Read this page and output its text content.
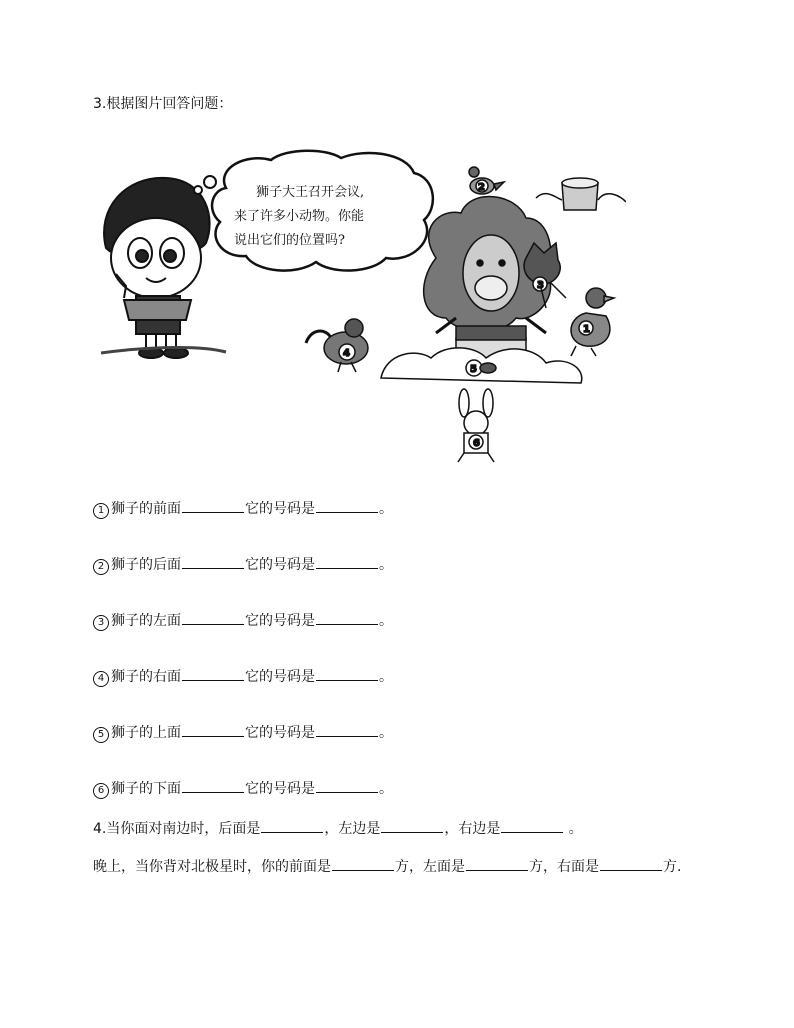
3.根据图片回答问题：
狮子大王召开会议,
来了许多小动物。你能
说出它们的位置吗?
2
3
1
4
5
6
1 狮子的前面	它的号码是	。
2 狮子的后面	它的号码是	。
3 狮子的左面	它的号码是	。
4 狮子的右面	它的号码是	。
5 狮子的上面	它的号码是	。
6 狮子的下面	它的号码是	。
4.当你面对南边时，后面是	，左边是	，右边是	。
晚上，当你背对北极星时，你的前面是	方，左面是	方，右面是	方.
